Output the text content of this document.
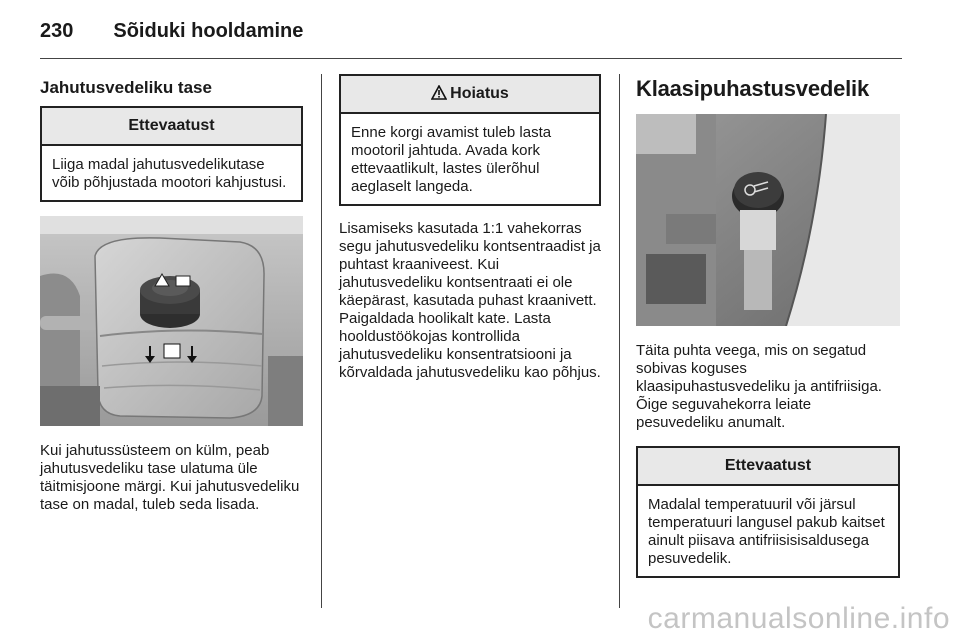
230 Sõiduki hooldamine
Jahutusvedeliku tase
Ettevaatust
Liiga madal jahutusvedelikutase võib põhjustada mootori kahjustusi.

Kui jahutussüsteem on külm, peab jahutusvedeliku tase ulatuma üle täitmisjoone märgi. Kui jahutusvedeliku tase on madal, tuleb seda lisada.

Hoiatus
Enne korgi avamist tuleb lasta mootoril jahtuda. Avada kork ettevaatlikult, lastes ülerõhul aeglaselt langeda.

Lisamiseks kasutada 1:1 vahekorras segu jahutusvedeliku kontsentraadist ja puhtast kraaniveest. Kui jahutusvedeliku kontsentraati ei ole käepärast, kasutada puhast kraanivett. Paigaldada hoolikalt kate. Lasta hooldustöökojas kontrollida jahutusvedeliku konsentratsiooni ja kõrvaldada jahutusvedeliku kao põhjus.

Klaasipuhastusvedelik

Täita puhta veega, mis on segatud sobivas koguses klaasipuhastusvedeliku ja antifriisiga. Õige seguvahekorra leiate pesuvedeliku anumalt.

Ettevaatust
Madalal temperatuuril või järsul temperatuuri langusel pakub kaitset ainult piisava antifriisisisaldusega pesuvedelik.
carmanualsonline.info
